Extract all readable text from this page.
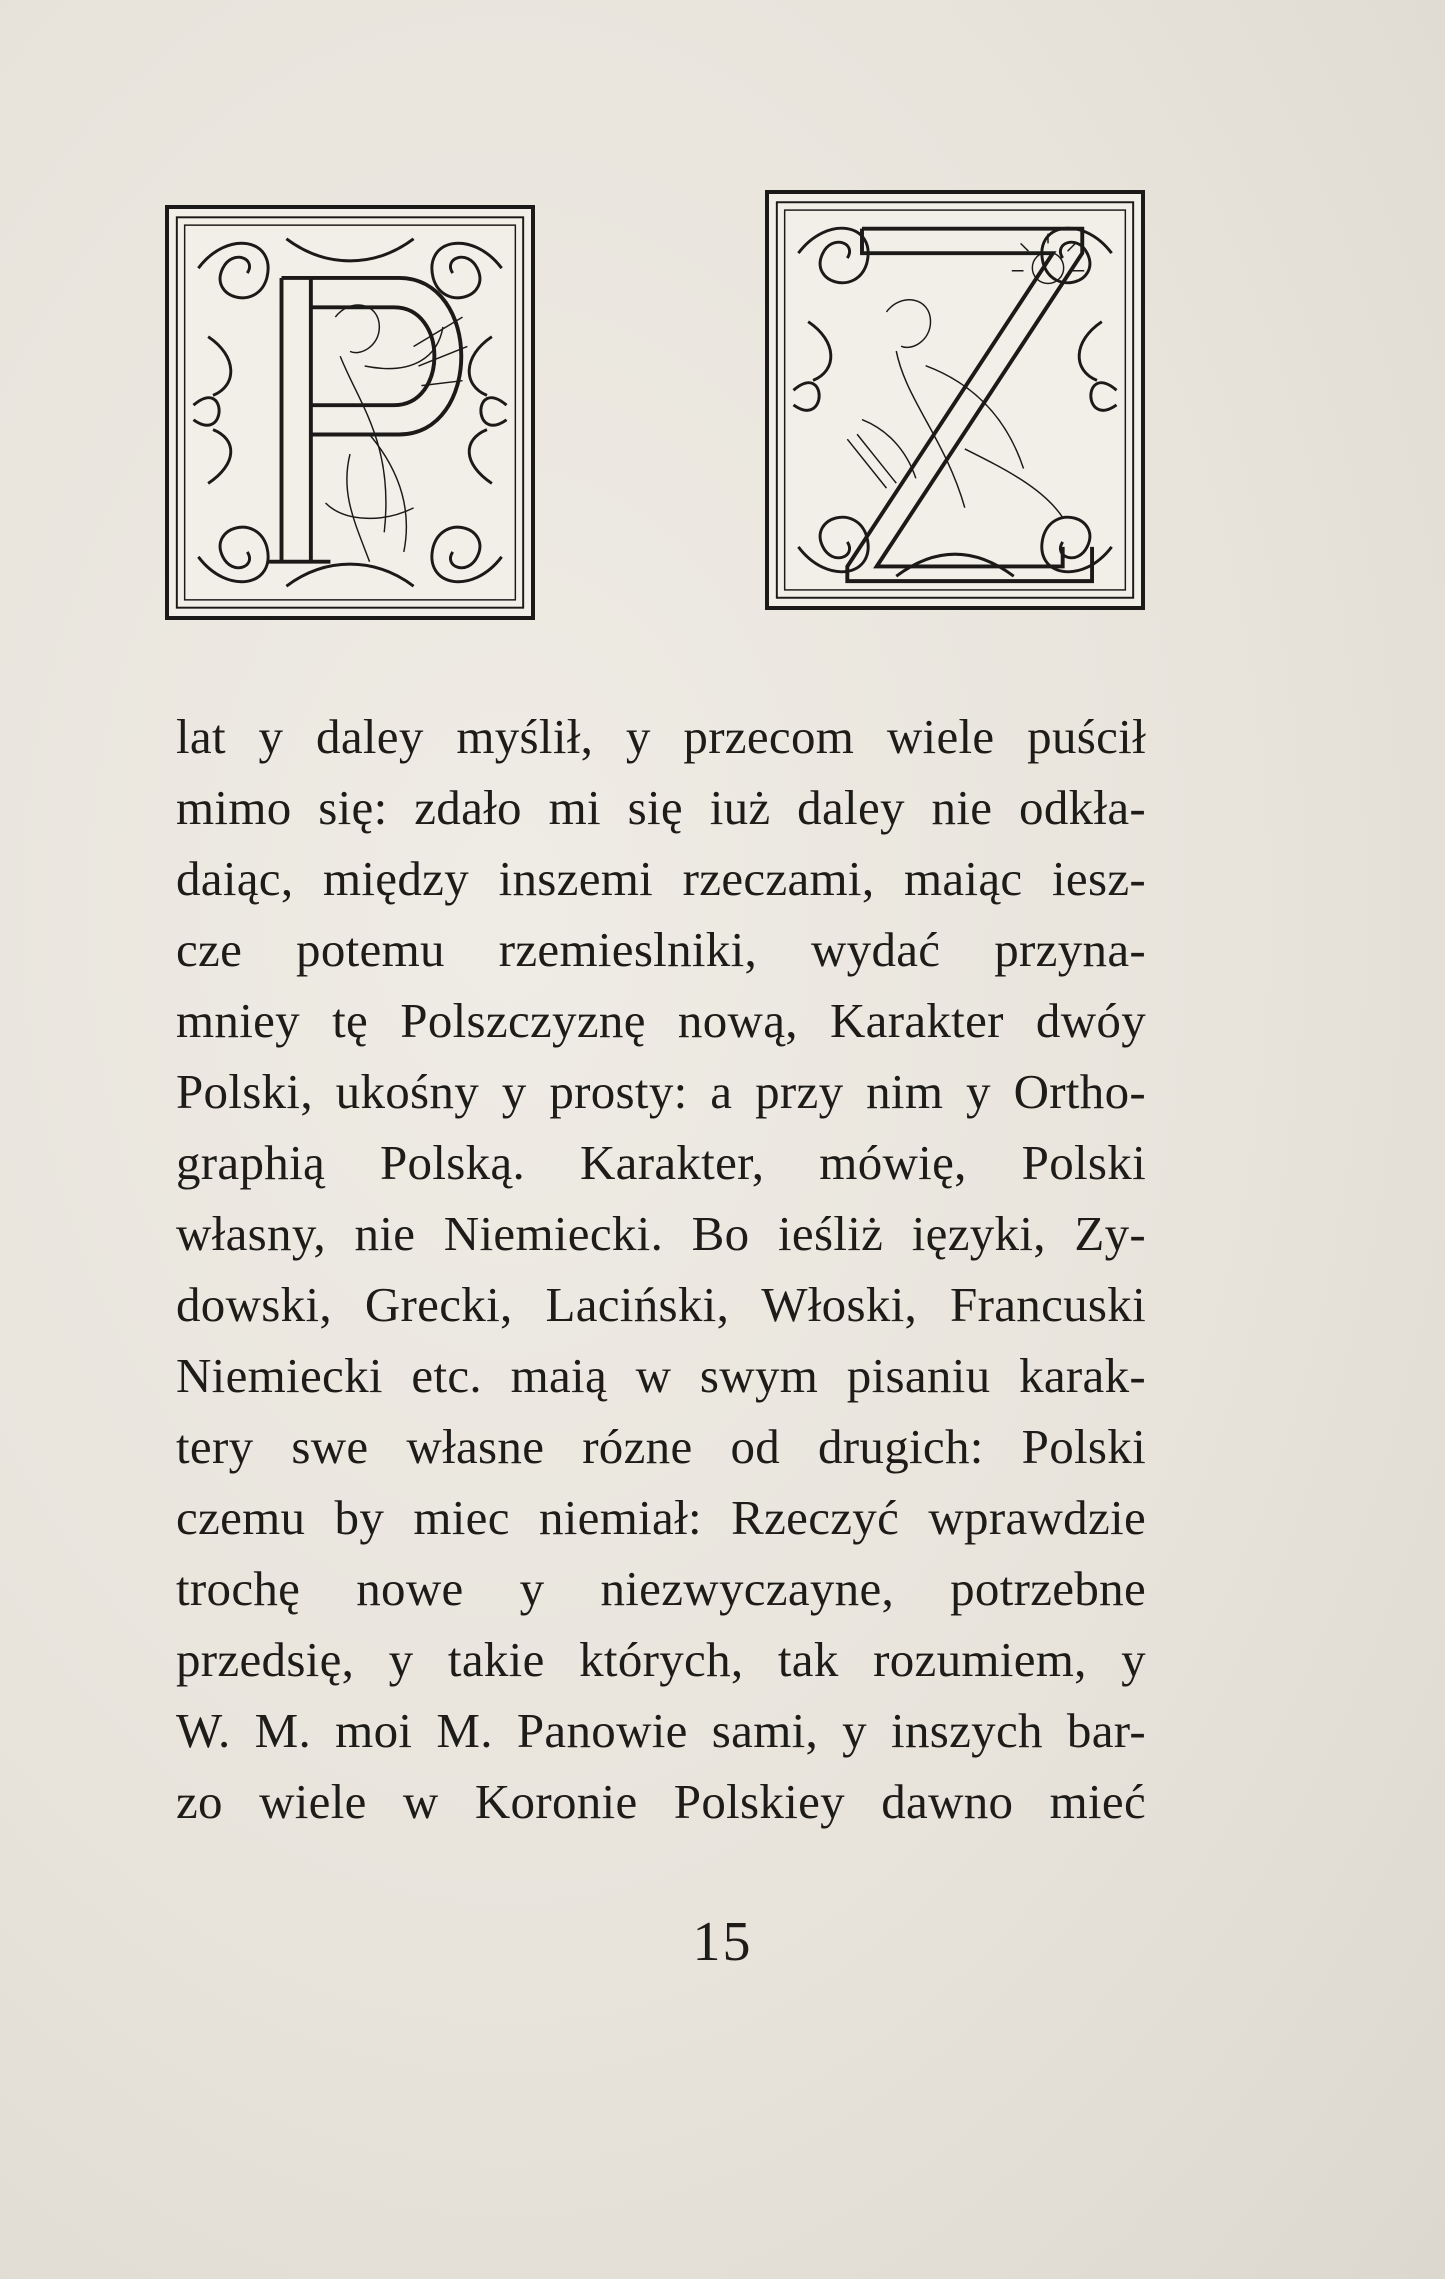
lat y daley myślił, y przecom wiele puścił
mimo się: zdało mi się iuż daley nie odkła-
daiąc, między inszemi rzeczami, maiąc iesz-
cze potemu rzemieslniki, wydać przyna-
mniey tę Polszczyznę nową, Karakter dwóy
Polski, ukośny y prosty: a przy nim y Ortho-
graphią Polską. Karakter, mówię, Polski
własny, nie Niemiecki. Bo ieśliż ięzyki, Zy-
dowski, Grecki, Laciński, Włoski, Francuski
Niemiecki etc. maią w swym pisaniu karak-
tery swe własne rózne od drugich: Polski
czemu by miec niemiał: Rzeczyć wprawdzie
trochę nowe y niezwyczayne, potrzebne
przedsię, y takie których, tak rozumiem, y
W. M. moi M. Panowie sami, y inszych bar-
zo wiele w Koronie Polskiey dawno mieć
15
